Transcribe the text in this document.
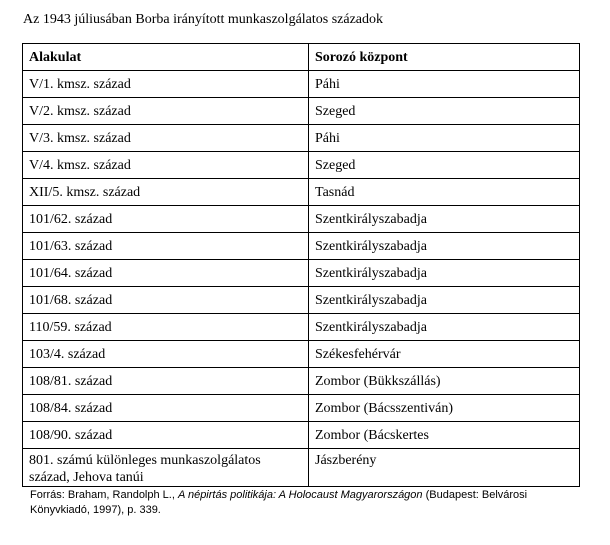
Az 1943 júliusában Borba irányított munkaszolgálatos századok
Alakulat	Sorozó központ
V/1. kmsz. század	Páhi
V/2. kmsz. század	Szeged
V/3. kmsz. század	Páhi
V/4. kmsz. század	Szeged
XII/5. kmsz. század	Tasnád
101/62. század	Szentkirályszabadja
101/63. század	Szentkirályszabadja
101/64. század	Szentkirályszabadja
101/68. század	Szentkirályszabadja
110/59. század	Szentkirályszabadja
103/4. század	Székesfehérvár
108/81. század	Zombor (Bükkszállás)
108/84. század	Zombor (Bácsszentiván)
108/90. század	Zombor (Bácskertes
801. számú különleges munkaszolgálatos század, Jehova tanúi	Jászberény
Forrás: Braham, Randolph L., A népirtás politikája: A Holocaust Magyarországon (Budapest: Belvárosi Könyvkiadó, 1997), p. 339.
